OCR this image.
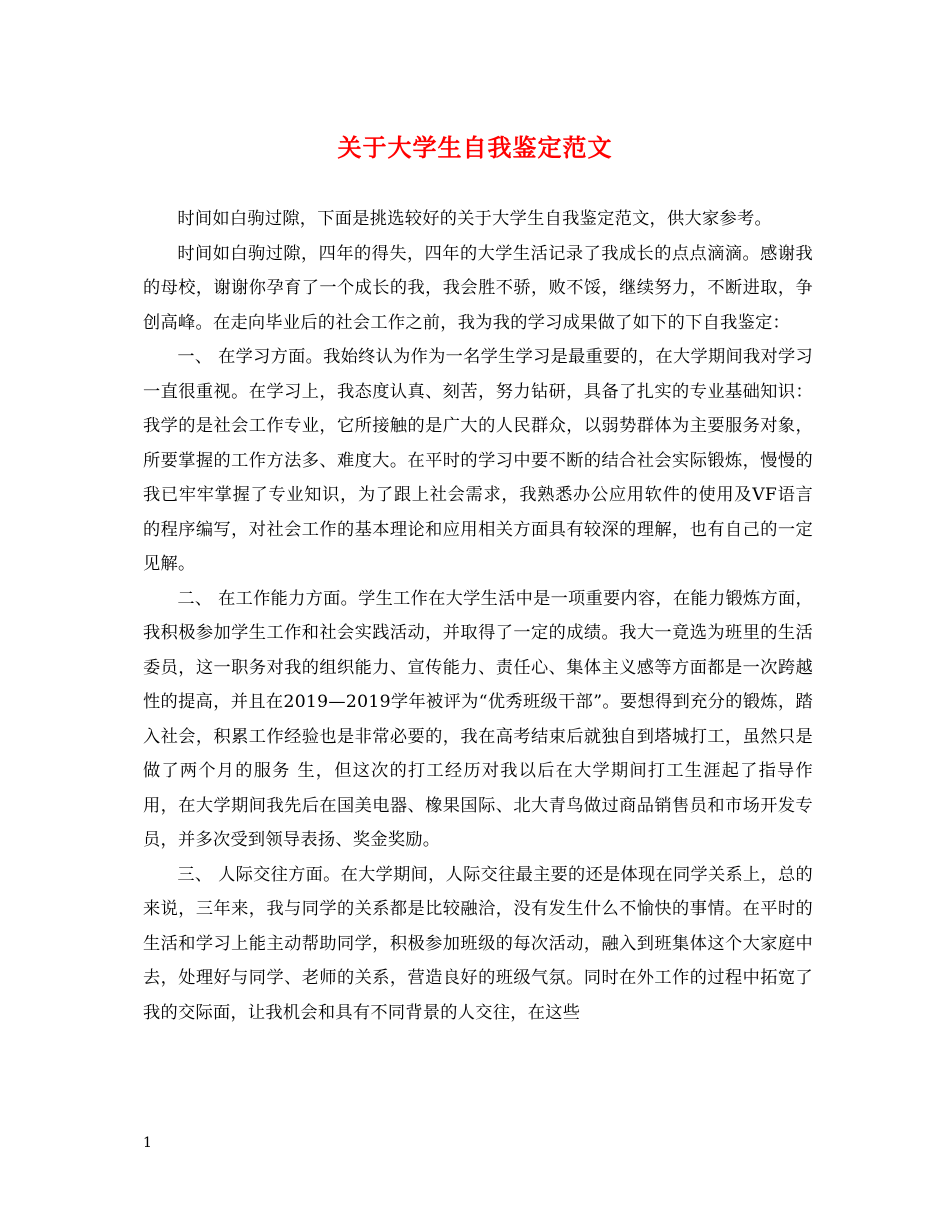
关于大学生自我鉴定范文

时间如白驹过隙，下面是挑选较好的关于大学生自我鉴定范文，供大家参考。

时间如白驹过隙，四年的得失，四年的大学生活记录了我成长的点点滴滴。感谢我的母校，谢谢你孕育了一个成长的我，我会胜不骄，败不馁，继续努力，不断进取，争创高峰。在走向毕业后的社会工作之前，我为我的学习成果做了如下的下自我鉴定：

一、 在学习方面。我始终认为作为一名学生学习是最重要的，在大学期间我对学习一直很重视。在学习上，我态度认真、刻苦，努力钻研，具备了扎实的专业基础知识：我学的是社会工作专业，它所接触的是广大的人民群众，以弱势群体为主要服务对象，所要掌握的工作方法多、难度大。在平时的学习中要不断的结合社会实际锻炼，慢慢的我已牢牢掌握了专业知识，为了跟上社会需求，我熟悉办公应用软件的使用及VF语言的程序编写，对社会工作的基本理论和应用相关方面具有较深的理解，也有自己的一定见解。

二、 在工作能力方面。学生工作在大学生活中是一项重要内容，在能力锻炼方面，我积极参加学生工作和社会实践活动，并取得了一定的成绩。我大一竟选为班里的生活委员，这一职务对我的组织能力、宣传能力、责任心、集体主义感等方面都是一次跨越性的提高，并且在2019—2019学年被评为“优秀班级干部”。要想得到充分的锻炼，踏入社会，积累工作经验也是非常必要的，我在高考结束后就独自到塔城打工，虽然只是做了两个月的服务 生，但这次的打工经历对我以后在大学期间打工生涯起了指导作用，在大学期间我先后在国美电器、橡果国际、北大青鸟做过商品销售员和市场开发专员，并多次受到领导表扬、奖金奖励。

三、 人际交往方面。在大学期间，人际交往最主要的还是体现在同学关系上，总的来说，三年来，我与同学的关系都是比较融洽，没有发生什么不愉快的事情。在平时的生活和学习上能主动帮助同学，积极参加班级的每次活动，融入到班集体这个大家庭中去，处理好与同学、老师的关系，营造良好的班级气氛。同时在外工作的过程中拓宽了我的交际面，让我机会和具有不同背景的人交往，在这些

1
